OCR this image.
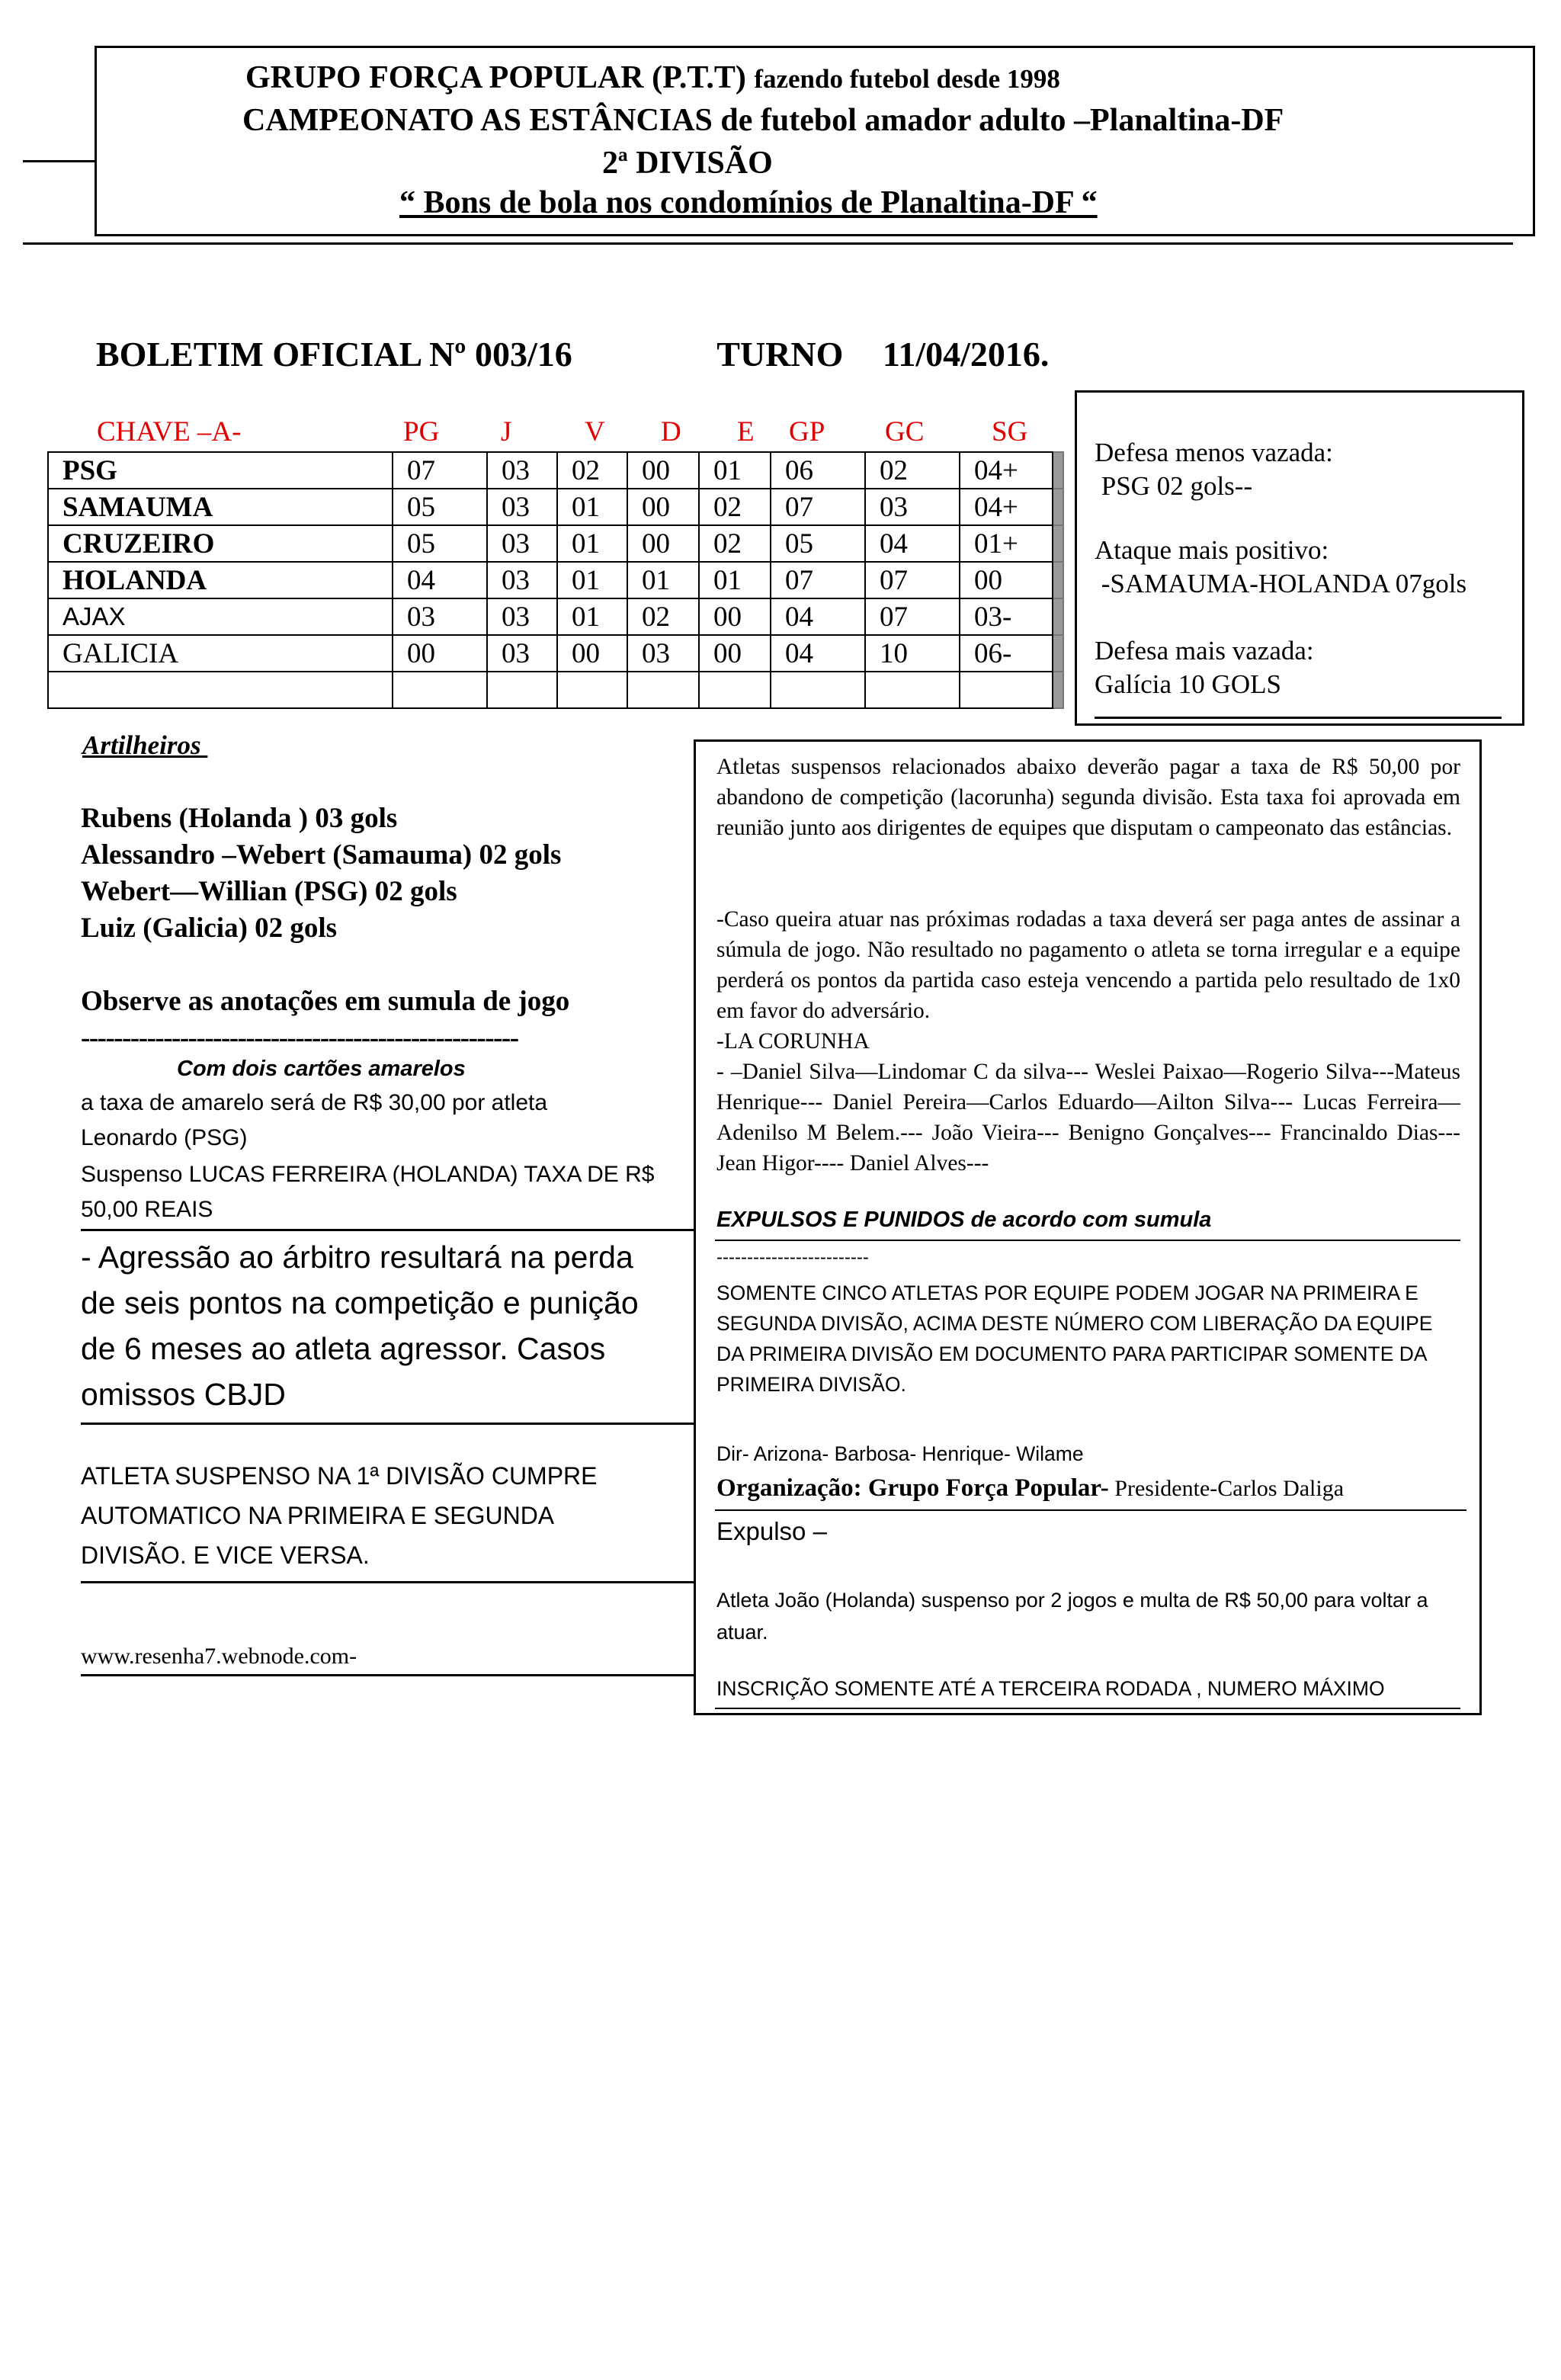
GRUPO FORÇA POPULAR (P.T.T) fazendo futebol desde 1998
CAMPEONATO AS ESTÂNCIAS de futebol amador adulto –Planaltina-DF
2ª DIVISÃO
“ Bons de bola nos condomínios de Planaltina-DF “
BOLETIM OFICIAL Nº 003/16	TURNO 11/04/2016.
CHAVE –A-	PG	J	V	D	E	GP	GC	SG	
PSG	07	03	02	00	01	06	02	04+	
SAMAUMA	05	03	01	00	02	07	03	04+	
CRUZEIRO	05	03	01	00	02	05	04	01+	
HOLANDA	04	03	01	01	01	07	07	00	
AJAX	03	03	01	02	00	04	07	03-	
GALICIA	00	03	00	03	00	04	10	06-	

Defesa menos vazada:
PSG 02 gols--
Ataque mais positivo:
-SAMAUMA-HOLANDA 07gols
Defesa mais vazada:
Galícia 10 GOLS
Artilheiros
Rubens (Holanda ) 03 gols
Alessandro –Webert (Samauma) 02 gols
Webert—Willian (PSG) 02 gols
Luiz (Galicia) 02 gols
Observe as anotações em sumula de jogo
-----------------------------------------------------
Com dois cartões amarelos
a taxa de amarelo será de R$ 30,00 por atleta
Leonardo (PSG)
Suspenso LUCAS FERREIRA (HOLANDA) TAXA DE R$
50,00 REAIS
- Agressão ao árbitro resultará na perda
de seis pontos na competição e punição
de 6 meses ao atleta agressor. Casos
omissos CBJD
ATLETA SUSPENSO NA 1ª DIVISÃO CUMPRE
AUTOMATICO NA PRIMEIRA E SEGUNDA
DIVISÃO. E VICE VERSA.
www.resenha7.webnode.com-
Atletas suspensos relacionados abaixo deverão pagar a taxa de R$ 50,00 por abandono de competição (lacorunha) segunda divisão. Esta taxa foi aprovada em reunião junto aos dirigentes de equipes que disputam o campeonato das estâncias.
-Caso queira atuar nas próximas rodadas a taxa deverá ser paga antes de assinar a súmula de jogo. Não resultado no pagamento o atleta se torna irregular e a equipe perderá os pontos da partida caso esteja vencendo a partida pelo resultado de 1x0 em favor do adversário.
-LA CORUNHA
- –Daniel Silva—Lindomar C da silva--- Weslei Paixao—Rogerio Silva---Mateus Henrique--- Daniel Pereira—Carlos Eduardo—Ailton Silva--- Lucas Ferreira—Adenilso M Belem.--- João Vieira--- Benigno Gonçalves--- Francinaldo Dias--- Jean Higor---- Daniel Alves---
EXPULSOS E PUNIDOS de acordo com sumula
-------------------------
SOMENTE CINCO ATLETAS POR EQUIPE PODEM JOGAR NA PRIMEIRA E SEGUNDA DIVISÃO, ACIMA DESTE NÚMERO COM LIBERAÇÃO DA EQUIPE DA PRIMEIRA DIVISÃO EM DOCUMENTO PARA PARTICIPAR SOMENTE DA PRIMEIRA DIVISÃO.
Dir- Arizona- Barbosa- Henrique- Wilame
Organização: Grupo Força Popular- Presidente-Carlos Daliga
Expulso –
Atleta João (Holanda) suspenso por 2 jogos e multa de R$ 50,00 para voltar a atuar.
INSCRIÇÃO SOMENTE ATÉ A TERCEIRA RODADA , NUMERO MÁXIMO
